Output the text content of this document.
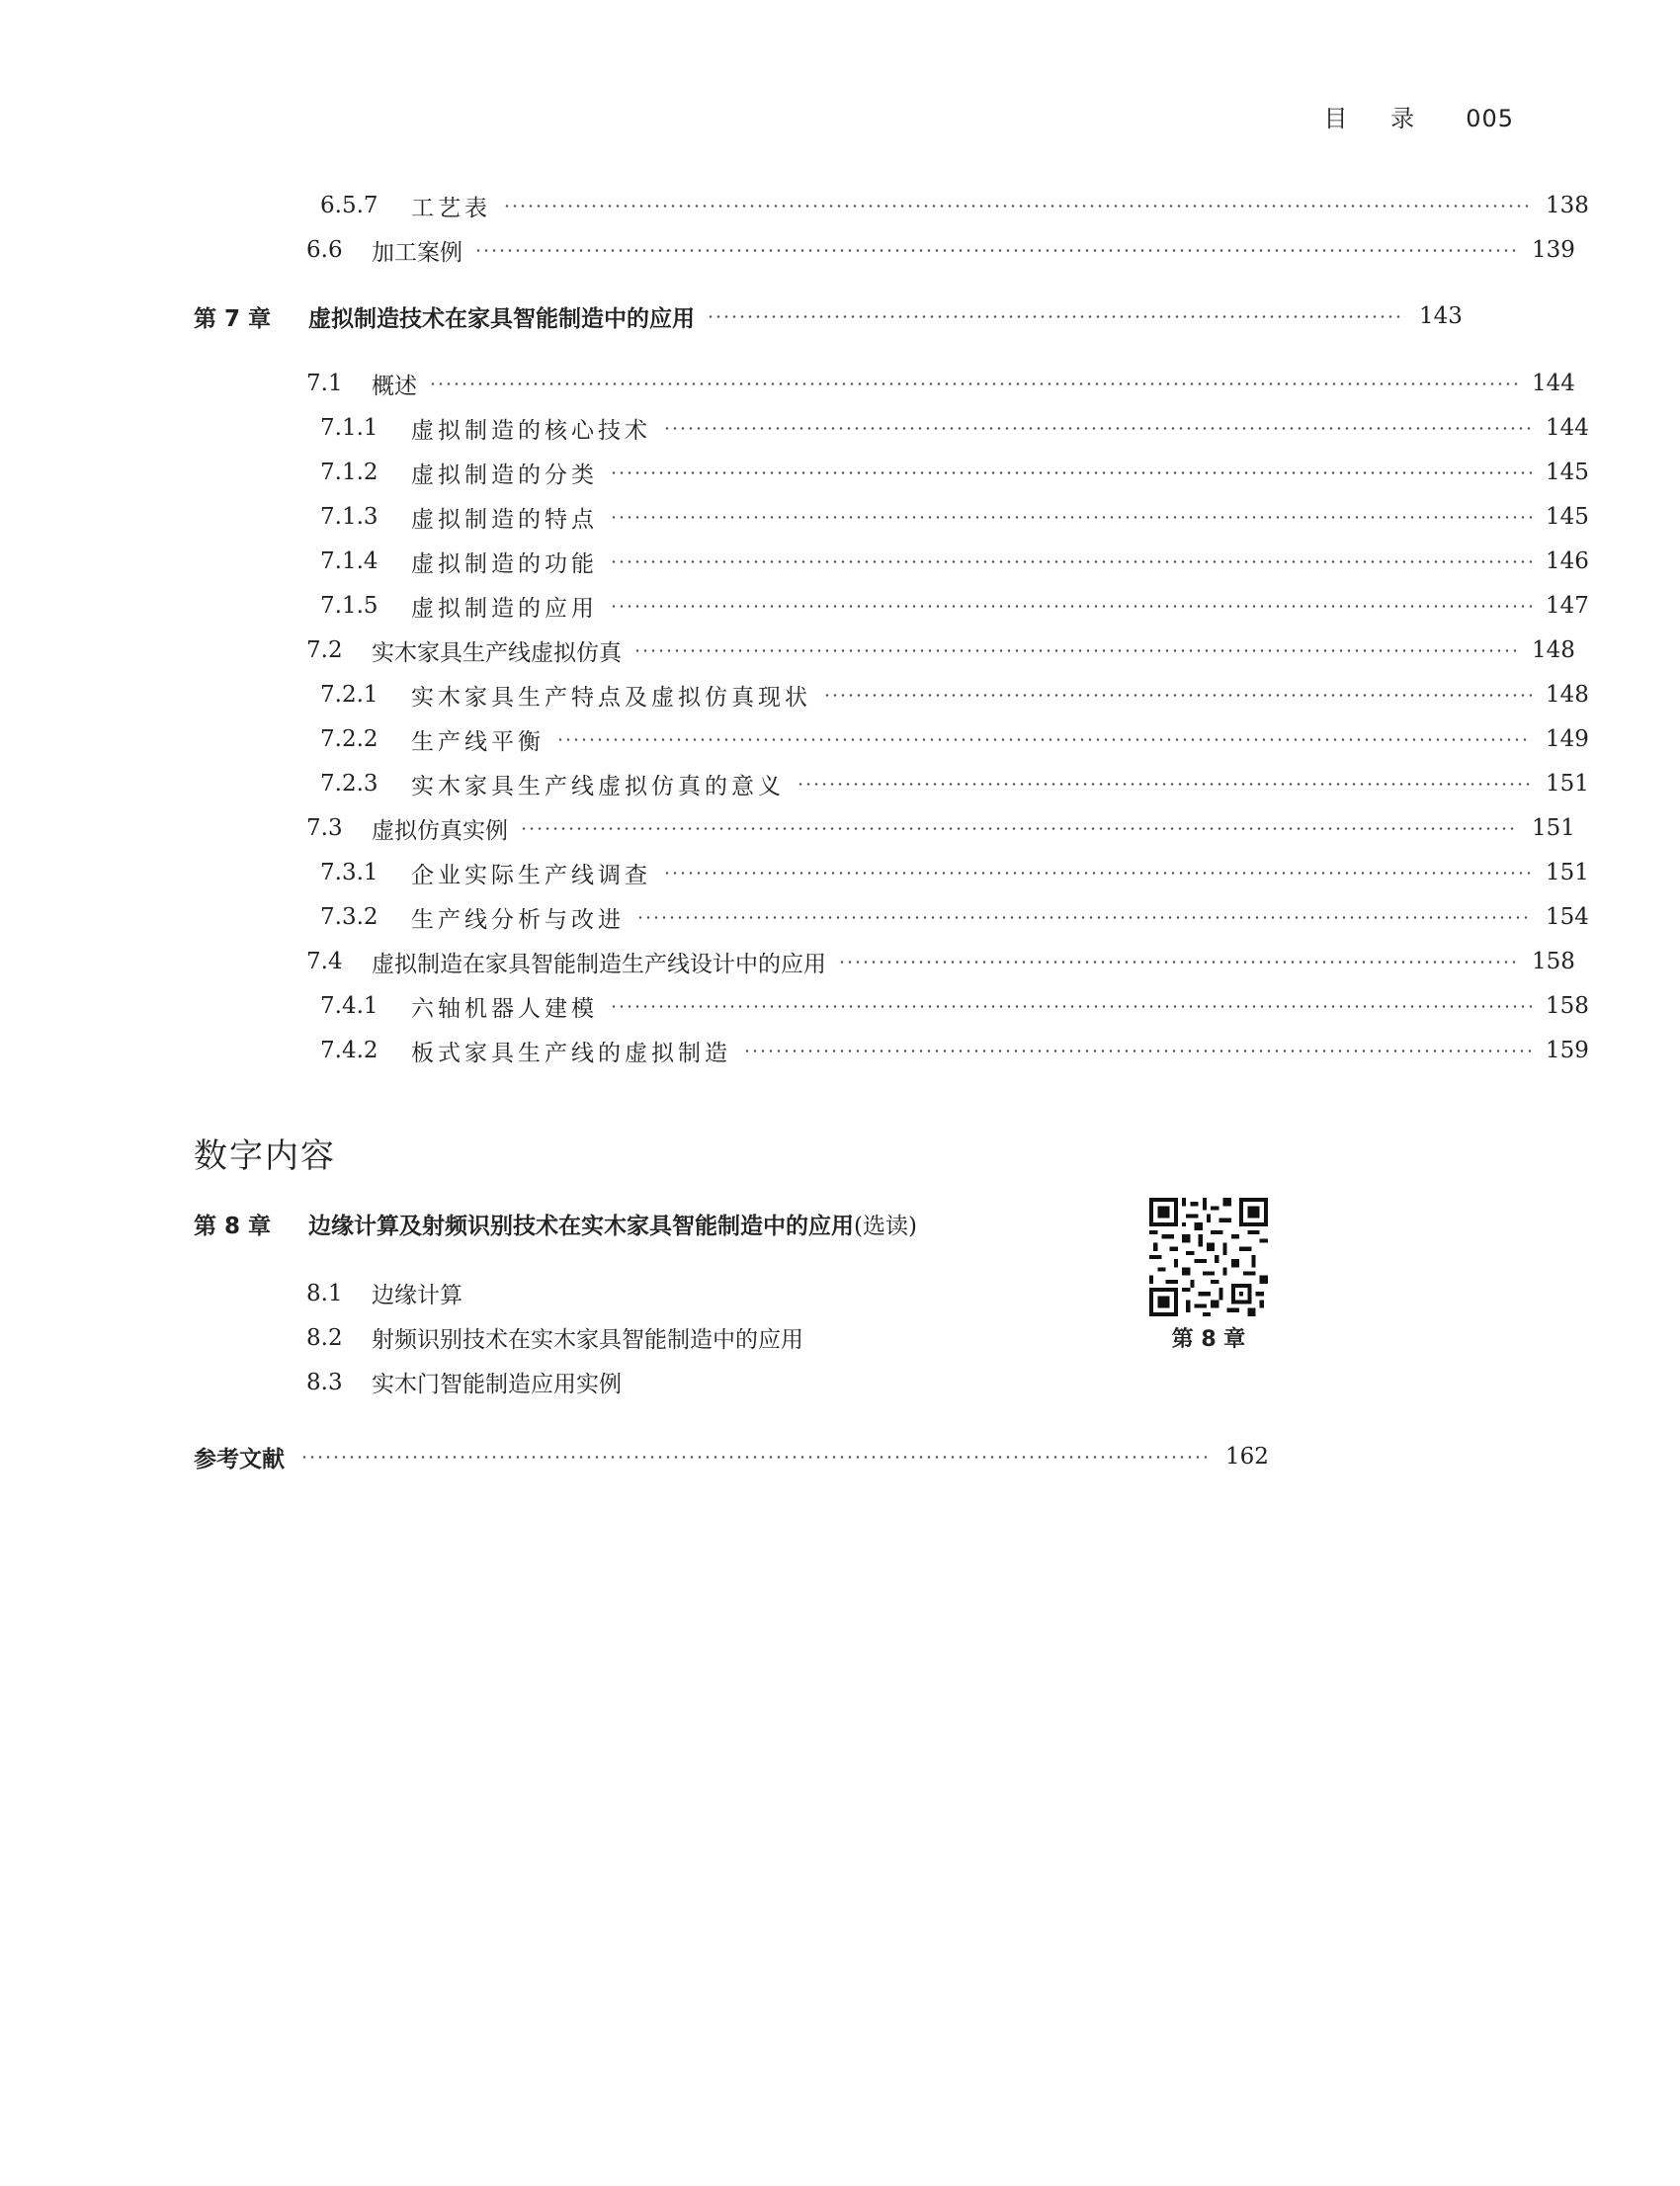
目 录 005
6.5.7	工艺表	138
6.6	加工案例	139
第 7 章	虚拟制造技术在家具智能制造中的应用	143
7.1	概述	144
7.1.1	虚拟制造的核心技术	144
7.1.2	虚拟制造的分类	145
7.1.3	虚拟制造的特点	145
7.1.4	虚拟制造的功能	146
7.1.5	虚拟制造的应用	147
7.2	实木家具生产线虚拟仿真	148
7.2.1	实木家具生产特点及虚拟仿真现状	148
7.2.2	生产线平衡	149
7.2.3	实木家具生产线虚拟仿真的意义	151
7.3	虚拟仿真实例	151
7.3.1	企业实际生产线调查	151
7.3.2	生产线分析与改进	154
7.4	虚拟制造在家具智能制造生产线设计中的应用	158
7.4.1	六轴机器人建模	158
7.4.2	板式家具生产线的虚拟制造	159
数字内容
第 8 章	边缘计算及射频识别技术在实木家具智能制造中的应用 (选读)
8.1	边缘计算
8.2	射频识别技术在实木家具智能制造中的应用
8.3	实木门智能制造应用实例
第 8 章
参考文献	162
